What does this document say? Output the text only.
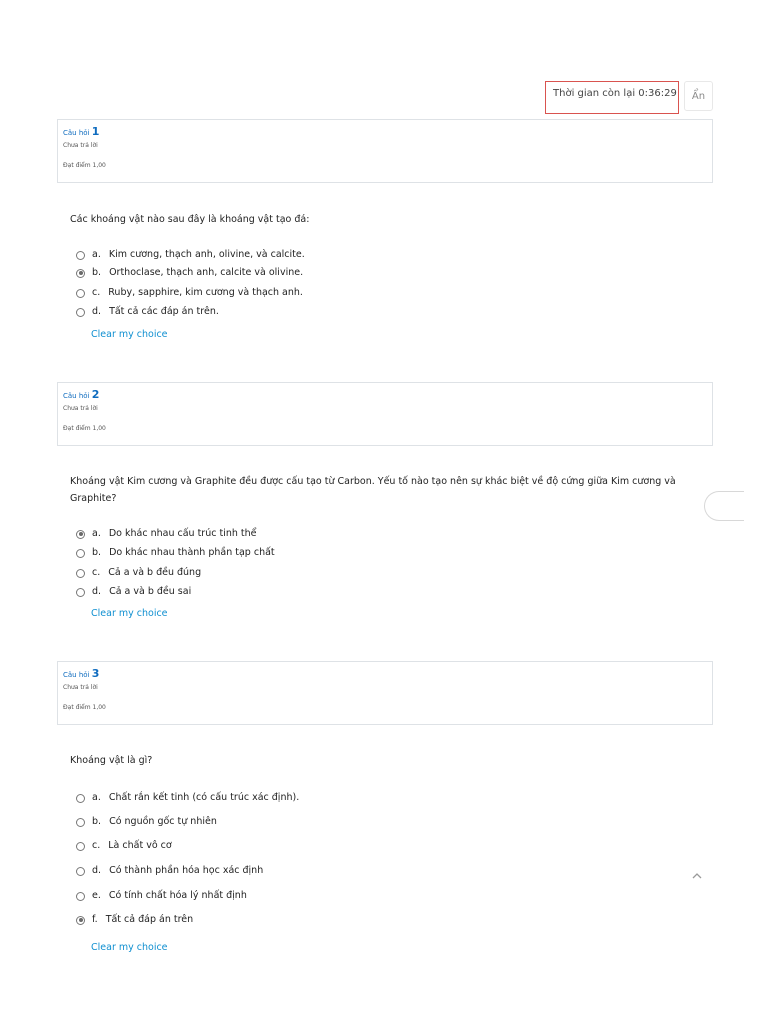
Thời gian còn lại 0:36:29	Ẩn
Câu hỏi 1
Chưa trả lời
Đạt điểm 1,00
Các khoáng vật nào sau đây là khoáng vật tạo đá:
a. Kim cương, thạch anh, olivine, và calcite.
b. Orthoclase, thạch anh, calcite và olivine.
c. Ruby, sapphire, kim cương và thạch anh.
d. Tất cả các đáp án trên.
Clear my choice
Câu hỏi 2
Chưa trả lời
Đạt điểm 1,00
Khoáng vật Kim cương và Graphite đều được cấu tạo từ Carbon. Yếu tố nào tạo nên sự khác biệt về độ cứng giữa Kim cương và Graphite?
a. Do khác nhau cấu trúc tinh thể
b. Do khác nhau thành phần tạp chất
c. Cả a và b đều đúng
d. Cả a và b đều sai
Clear my choice
Câu hỏi 3
Chưa trả lời
Đạt điểm 1,00
Khoáng vật là gì?
a. Chất rắn kết tinh (có cấu trúc xác định).
b. Có nguồn gốc tự nhiên
c. Là chất vô cơ
d. Có thành phần hóa học xác định
e. Có tính chất hóa lý nhất định
f. Tất cả đáp án trên
Clear my choice
